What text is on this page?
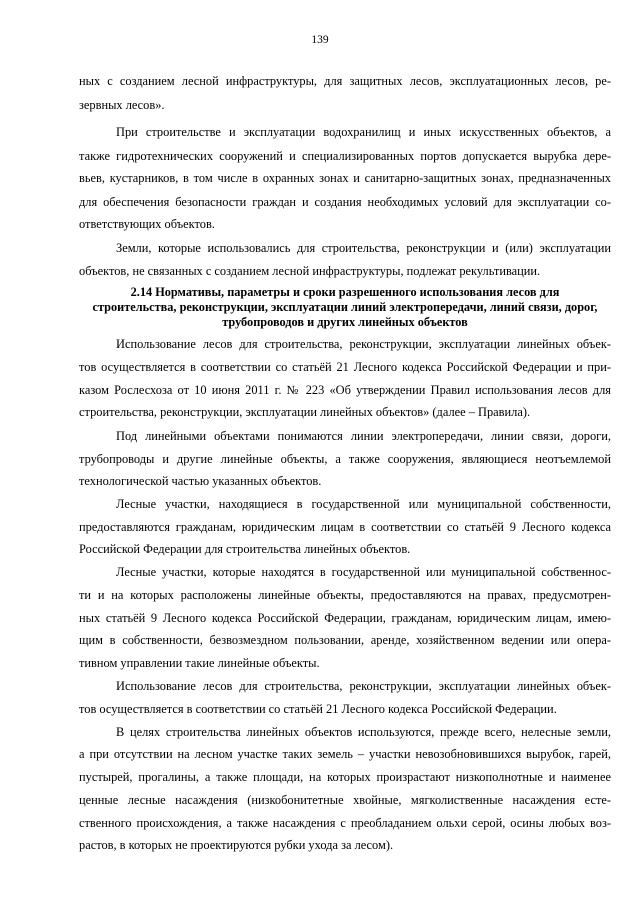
139
ных с созданием лесной инфраструктуры, для защитных лесов, эксплуатационных лесов, ре-
зервных лесов».
При строительстве и эксплуатации водохранилищ и иных искусственных объектов, а
также гидротехнических сооружений и специализированных портов допускается вырубка дере-
вьев, кустарников, в том числе в охранных зонах и санитарно-защитных зонах, предназначенных
для обеспечения безопасности граждан и создания необходимых условий для эксплуатации со-
ответствующих объектов.
Земли, которые использовались для строительства, реконструкции и (или) эксплуатации
объектов, не связанных с созданием лесной инфраструктуры, подлежат рекультивации.
2.14 Нормативы, параметры и сроки разрешенного использования лесов для
строительства, реконструкции, эксплуатации линий электропередачи, линий связи, дорог,
трубопроводов и других линейных объектов
Использование лесов для строительства, реконструкции, эксплуатации линейных объек-
тов осуществляется в соответствии со статьёй 21 Лесного кодекса Российской Федерации и при-
казом Рослесхоза от 10 июня 2011 г. № 223 «Об утверждении Правил использования лесов для
строительства, реконструкции, эксплуатации линейных объектов» (далее – Правила).
Под линейными объектами понимаются линии электропередачи, линии связи, дороги,
трубопроводы и другие линейные объекты, а также сооружения, являющиеся неотъемлемой
технологической частью указанных объектов.
Лесные участки, находящиеся в государственной или муниципальной собственности,
предоставляются гражданам, юридическим лицам в соответствии со статьёй 9 Лесного кодекса
Российской Федерации для строительства линейных объектов.
Лесные участки, которые находятся в государственной или муниципальной собственнос-
ти и на которых расположены линейные объекты, предоставляются на правах, предусмотрен-
ных статьёй 9 Лесного кодекса Российской Федерации, гражданам, юридическим лицам, имею-
щим в собственности, безвозмездном пользовании, аренде, хозяйственном ведении или опера-
тивном управлении такие линейные объекты.
Использование лесов для строительства, реконструкции, эксплуатации линейных объек-
тов осуществляется в соответствии со статьёй 21 Лесного кодекса Российской Федерации.
В целях строительства линейных объектов используются, прежде всего, нелесные земли,
а при отсутствии на лесном участке таких земель – участки невозобновившихся вырубок, гарей,
пустырей, прогалины, а также площади, на которых произрастают низкополнотные и наименее
ценные лесные насаждения (низкобонитетные хвойные, мягколиственные насаждения есте-
ственного происхождения, а также насаждения с преобладанием ольхи серой, осины любых воз-
растов, в которых не проектируются рубки ухода за лесом).
